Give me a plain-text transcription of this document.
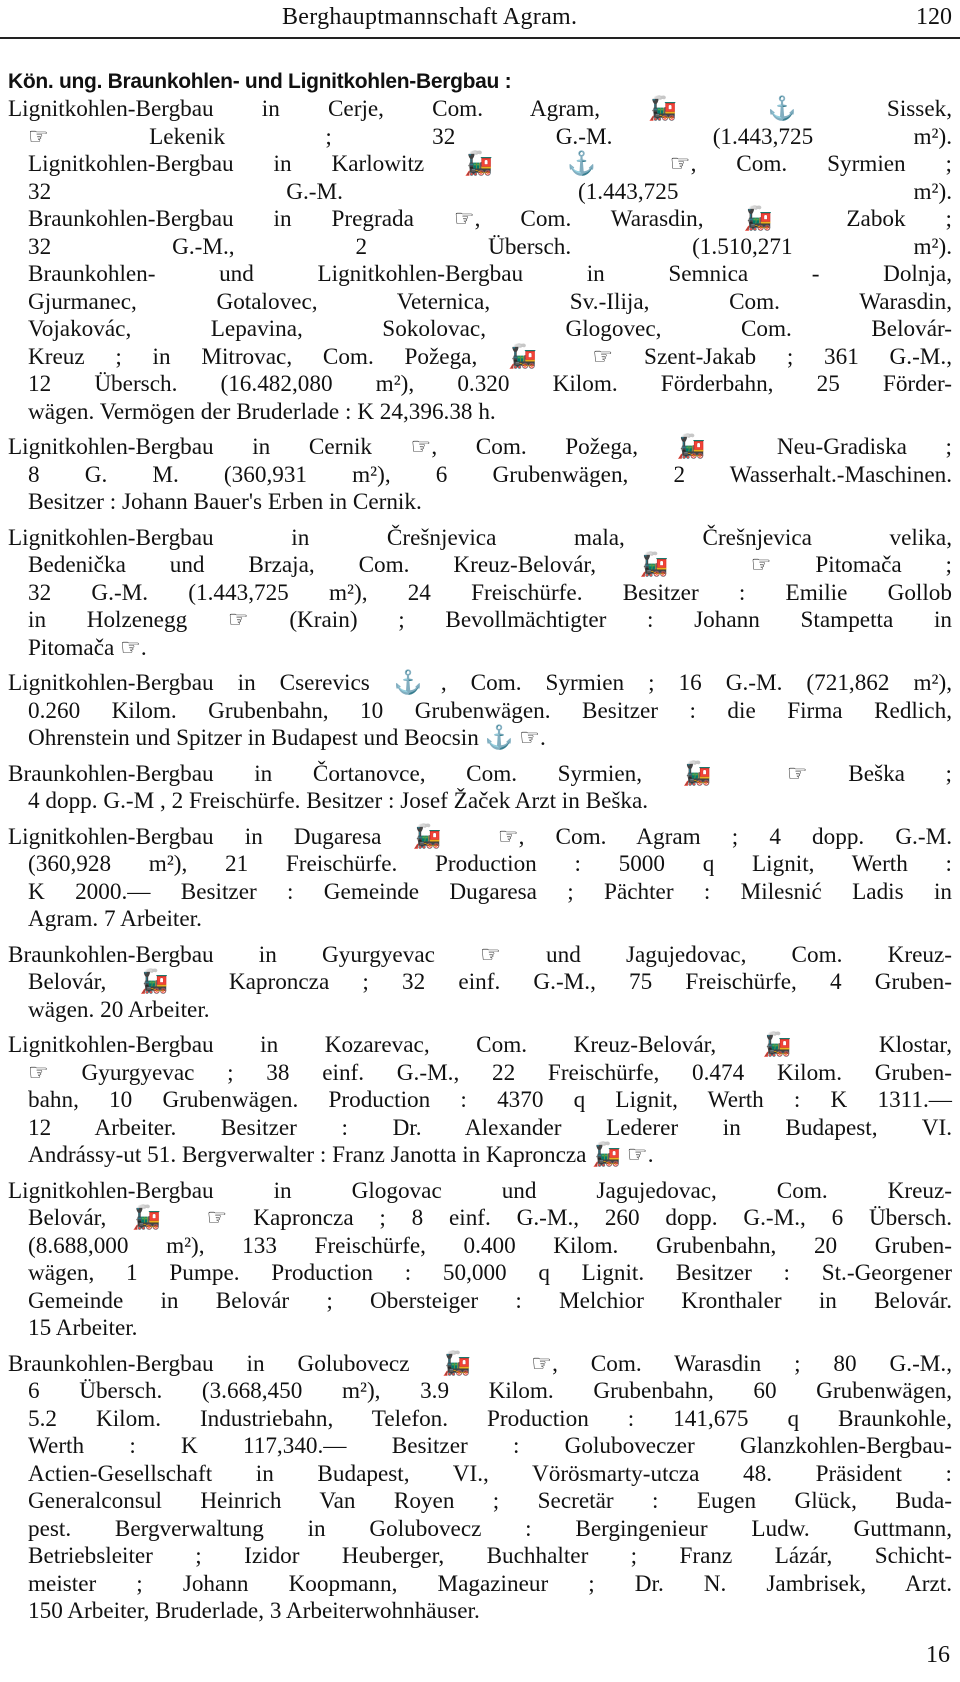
Berghauptmannschaft Agram.	120
Kön. ung. Braunkohlen- und Lignitkohlen-Bergbau :
Lignitkohlen-Bergbau in Cerje, Com. Agram, 🚂 ⚓ Sissek,
☞ Lekenik ; 32 G.-M. (1.443,725 m²).
Lignitkohlen-Bergbau in Karlowitz 🚂 ⚓ ☞, Com. Syrmien ;
32 G.-M. (1.443,725 m²).
Braunkohlen-Bergbau in Pregrada ☞, Com. Warasdin, 🚂 Zabok ;
32 G.-M., 2 Übersch. (1.510,271 m²).
Braunkohlen- und Lignitkohlen-Bergbau in Semnica - Dolnja,
Gjurmanec, Gotalovec, Veternica, Sv.-Ilija, Com. Warasdin,
Vojakovác, Lepavina, Sokolovac, Glogovec, Com. Belovár-
Kreuz ; in Mitrovac, Com. Požega, 🚂 ☞ Szent-Jakab ; 361 G.-M.,
12 Übersch. (16.482,080 m²), 0.320 Kilom. Förderbahn, 25 Förder-
wägen. Vermögen der Bruderlade : K 24,396.38 h.
Lignitkohlen-Bergbau in Cernik ☞, Com. Požega, 🚂 Neu-Gradiska ;
8 G. M. (360,931 m²), 6 Grubenwägen, 2 Wasserhalt.-Maschinen.
Besitzer : Johann Bauer's Erben in Cernik.
Lignitkohlen-Bergbau in Črešnjevica mala, Črešnjevica velika,
Bedenička und Brzaja, Com. Kreuz-Belovár, 🚂 ☞ Pitomača ;
32 G.-M. (1.443,725 m²), 24 Freischürfe. Besitzer : Emilie Gollob
in Holzenegg ☞ (Krain) ; Bevollmächtigter : Johann Stampetta in
Pitomača ☞.
Lignitkohlen-Bergbau in Cserevics ⚓, Com. Syrmien ; 16 G.-M. (721,862 m²),
0.260 Kilom. Grubenbahn, 10 Grubenwägen. Besitzer : die Firma Redlich,
Ohrenstein und Spitzer in Budapest und Beocsin ⚓ ☞.
Braunkohlen-Bergbau in Čortanovce, Com. Syrmien, 🚂 ☞ Beška ;
4 dopp. G.-M , 2 Freischürfe. Besitzer : Josef Žaček Arzt in Beška.
Lignitkohlen-Bergbau in Dugaresa 🚂 ☞, Com. Agram ; 4 dopp. G.-M.
(360,928 m²), 21 Freischürfe. Production : 5000 q Lignit, Werth :
K 2000.— Besitzer : Gemeinde Dugaresa ; Pächter : Milesnić Ladis in
Agram. 7 Arbeiter.
Braunkohlen-Bergbau in Gyurgyevac ☞ und Jagujedovac, Com. Kreuz-
Belovár, 🚂 Kaproncza ; 32 einf. G.-M., 75 Freischürfe, 4 Gruben-
wägen. 20 Arbeiter.
Lignitkohlen-Bergbau in Kozarevac, Com. Kreuz-Belovár, 🚂 Klostar,
☞ Gyurgyevac ; 38 einf. G.-M., 22 Freischürfe, 0.474 Kilom. Gruben-
bahn, 10 Grubenwägen. Production : 4370 q Lignit, Werth : K 1311.—
12 Arbeiter. Besitzer : Dr. Alexander Lederer in Budapest, VI.
Andrássy-ut 51. Bergverwalter : Franz Janotta in Kaproncza 🚂 ☞.
Lignitkohlen-Bergbau in Glogovac und Jagujedovac, Com. Kreuz-
Belovár, 🚂 ☞ Kaproncza ; 8 einf. G.-M., 260 dopp. G.-M., 6 Übersch.
(8.688,000 m²), 133 Freischürfe, 0.400 Kilom. Grubenbahn, 20 Gruben-
wägen, 1 Pumpe. Production : 50,000 q Lignit. Besitzer : St.-Georgener
Gemeinde in Belovár ; Obersteiger : Melchior Kronthaler in Belovár.
15 Arbeiter.
Braunkohlen-Bergbau in Golubovecz 🚂 ☞, Com. Warasdin ; 80 G.-M.,
6 Übersch. (3.668,450 m²), 3.9 Kilom. Grubenbahn, 60 Grubenwägen,
5.2 Kilom. Industriebahn, Telefon. Production : 141,675 q Braunkohle,
Werth : K 117,340.— Besitzer : Goluboveczer Glanzkohlen-Bergbau-
Actien-Gesellschaft in Budapest, VI., Vörösmarty-utcza 48. Präsident :
Generalconsul Heinrich Van Royen ; Secretär : Eugen Glück, Buda-
pest. Bergverwaltung in Golubovecz : Bergingenieur Ludw. Guttmann,
Betriebsleiter ; Izidor Heuberger, Buchhalter ; Franz Lázár, Schicht-
meister ; Johann Koopmann, Magazineur ; Dr. N. Jambrisek, Arzt.
150 Arbeiter, Bruderlade, 3 Arbeiterwohnhäuser.
16
